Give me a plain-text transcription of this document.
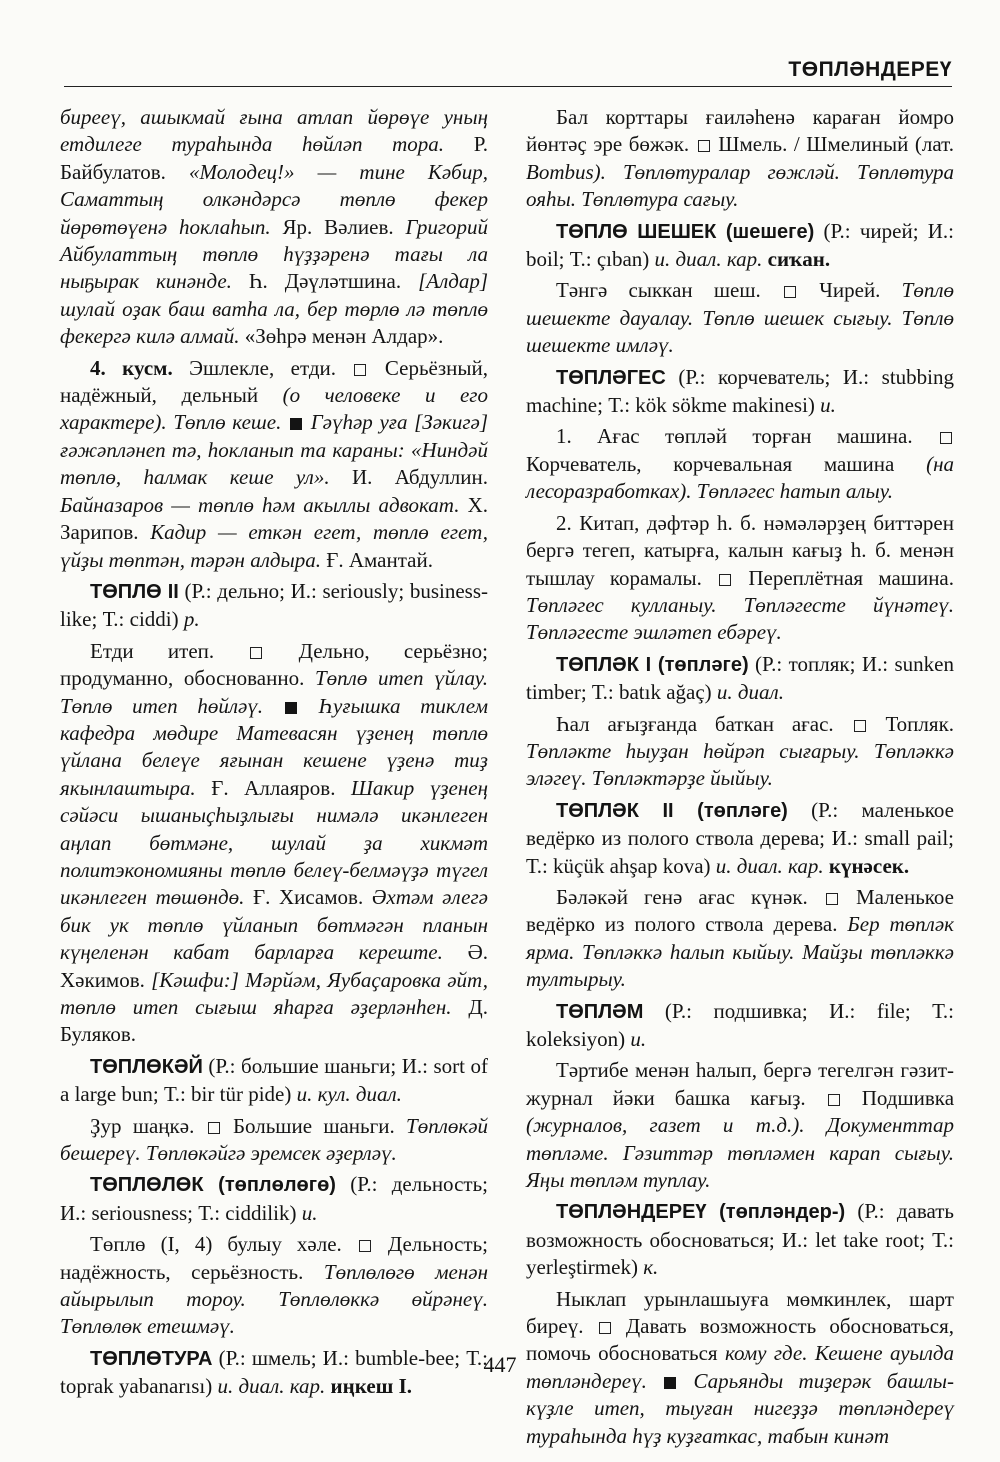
ТӨПЛӘНДЕРЕҮ

бирееү, ашыкмай ғына атлап йөрөүе уның етдилеге тураһында һөйләп тора. Р. Байбулатов. «Молодец!» — тине Кәбир, Саматтың олкәндәрсә төплө фекер йөрөтөүенә һоклаһып. Яр. Вәлиев. Григорий Айбулаттың төплө һүҙҙәренә тағы ла ныҕырак кинәнде. Һ. Дәүләтшина. [Алдар] шулай оҙак баш ватһа ла, бер төрлө лә төплө фекергә килә алмай. «Зөһрә менән Алдар».

4. кусм. Эшлекле, етди. Серьёзный, надёжный, дельный (о человеке и его характере). Төплө кеше. Гәүһәр уға [Зәкигә] ғәжәпләнеп тә, һокланып та караны: «Ниндәй төплө, һалмак кеше ул». И. Абдуллин. Байназаров — төплө һәм акыллы адвокат. Х. Зарипов. Кадир — еткән егет, төплө егет, үйҙы төптән, тәрән алдыра. Ғ. Амантай.

ТӨПЛӨ II (Р.: дельно; И.: seriously; business-like; Т.: ciddi) р.

Етди итеп.	Дельно, серьёзно; продуманно, обоснованно. Төплө итеп үйлау. Төплө итеп һөйләү.	Һуғышка тиклем кафедра мөдире Матевасян үҙенең төплө үйлана белеүе яғынан кешене үҙенә тиҙ якынлаштыра. Ғ. Аллаяров. Шакир үҙенең сәйәси ышаныҫһыҙлығы нимәлә икәнлеген аңлап бөтмәне, шулай ҙа хикмәт политэкономияны төплө белеү-белмәүҙә түгел икәнлеген төшөндө. Ғ. Хисамов. Әхтәм әлегә бик ук төплө үйланып бөтмәгән планын күңеленән кабат барларға кереште. Ә. Хәкимов. [Кәшфи:] Мәрйәм, Яубаҫаровка әйт, төплө итеп сығыш яһарға әҙерләнһен. Д. Буляков.

ТӨПЛӨКӘЙ (Р.: большие шаньги; И.: sort of a large bun; Т.: bir tür pide) и. кул. диал.

Ҙур шаңкә. Большие шаньги. Төплөкәй бешереү. Төплөкәйгә эремсек әҙерләү.

ТӨПЛӨЛӨК (төплөлөгө) (Р.: дельность; И.: seriousness; Т.: ciddilik) и.

Төплө (I, 4) булыу хәле. Дельность; надёжность, серьёзность. Төплөлөгө менән айырылып тороу. Төплөлөккә өйрәнеү. Төплөлөк етешмәү.

ТӨПЛӨТУРА (Р.: шмель; И.: bumble-bee; Т.: toprak yabanarısı) и. диал. кар. иңкеш I.

Бал корттары ғаиләһенә караған йомро йөнтәҫ эре бөжәк. Шмель. / Шмелиный (лат. Bombus). Төплөтуралар гөжләй. Төплөтура ояһы. Төплөтура сағыу.

ТӨПЛӨ ШЕШЕК (шешеге) (Р.: чирей; И.: boil; Т.: çıban) и. диал. кар. сиҡан.

Тәнгә сыккан шеш.	Чирей. Төплө шешекте дауалау. Төплө шешек сығыу. Төплө шешекте имләү.

ТӨПЛӘГЕС (Р.: корчеватель; И.: stubbing machine; Т.: kök sökme makinesi) и.

1. Ағас төпләй торған машина.  Корчеватель, корчевальная машина (на лесоразработках). Төпләгес һатып алыу.

2. Китап, дәфтәр һ. б. нәмәләрҙең биттәрен бергә тегеп, катырға, калын кағыҙ һ. б. менән тышлау корамалы. Переплётная машина. Төпләгес кулланыу. Төпләгесте йүнәтеү. Төпләгесте эшләтеп ебәреү.

ТӨПЛӘК I (төпләге) (Р.: топляк; И.: sunken timber; Т.: batık ağaç) и. диал.

Һал ағыҙғанда баткан ағас. Топляк. Төпләкте һыуҙан һөйрәп сығарыу. Төпләккә эләгеү. Төпләктәрҙе йыйыу.

ТӨПЛӘК II (төпләге) (Р.: маленькое ведёрко из полого ствола дерева; И.: small pail; Т.: küçük ahşap kova) и. диал. кар. күнәсек.

Бәләкәй генә ағас күнәк. Маленькое ведёрко из полого ствола дерева. Бер төпләк ярма. Төпләккә һалып кыйыу. Майҙы төпләккә тултырыу.

ТӨПЛӘМ (Р.: подшивка; И.: file; Т.: koleksiyon) и.

Тәртибе менән һалып, бергә тегелгән гәзит-журнал йәки башка кағыҙ.	Подшивка (журналов, газет и т.д.). Документтар төпләме. Гәзиттәр төпләмен карап сығыу. Яңы төпләм туплау.

ТӨПЛӘНДЕРЕҮ (төпләндер-) (Р.: давать возможность обосноваться; И.: let take root; Т.: yerleştirmek) к.

Ныклап урынлашыуға мөмкинлек, шарт биреү. Давать возможность обосноваться, помочь обосноваться кому где. Кешене ауылда төпләндереү. Сарьянды тиҙерәк башлы-күҙле итеп, тыуған нигеҙҙә төпләндереү тураһында һүҙ куҙғаткас, табын кинәт

447
